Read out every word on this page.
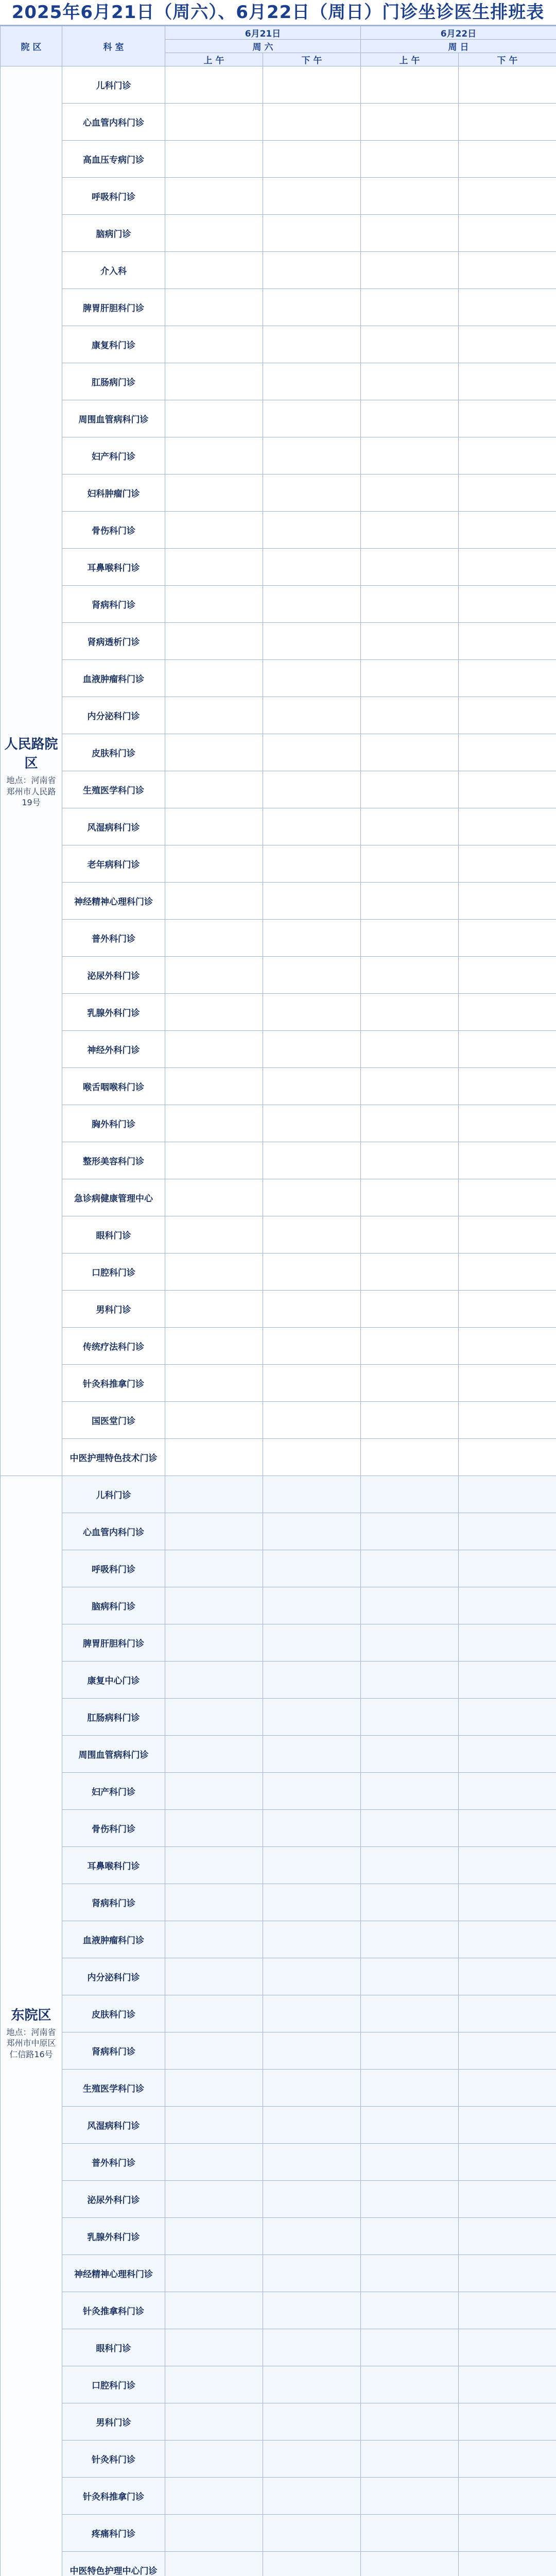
2025年6月21日（周六）、6月22日（周日）门诊坐诊医生排班表
院 区	科 室	6月21日		6月22日	
		周 六		周 日	
		上 午	下 午	上 午	下 午

人民路院区
地点：河南省郑州市人民路19号	儿科门诊				
	心血管内科门诊				
	高血压专病门诊				
	呼吸科门诊				
	脑病门诊				
	介入科				
	脾胃肝胆科门诊				
	康复科门诊				
	肛肠病门诊				
	周围血管病科门诊				
	妇产科门诊				
	妇科肿瘤门诊				
	骨伤科门诊				
	耳鼻喉科门诊				
	肾病科门诊				
	肾病透析门诊				
	血液肿瘤科门诊				
	内分泌科门诊				
	皮肤科门诊				
	生殖医学科门诊				
	风湿病科门诊				
	老年病科门诊				
	神经精神心理科门诊				
	普外科门诊				
	泌尿外科门诊				
	乳腺外科门诊				
	神经外科门诊				
	喉舌咽喉科门诊				
	胸外科门诊				
	整形美容科门诊				
	急诊病健康管理中心				
	眼科门诊				
	口腔科门诊				
	男科门诊				
	传统疗法科门诊				
	针灸科推拿门诊				
	国医堂门诊				
	中医护理特色技术门诊				

东院区
地点：河南省郑州市中原区仁信路16号	儿科门诊				
	心血管内科门诊				
	呼吸科门诊				
	脑病科门诊				
	脾胃肝胆科门诊				
	康复中心门诊				
	肛肠病科门诊				
	周围血管病科门诊				
	妇产科门诊				
	骨伤科门诊				
	耳鼻喉科门诊				
	肾病科门诊				
	血液肿瘤科门诊				
	内分泌科门诊				
	皮肤科门诊				
	肾病科门诊				
	生殖医学科门诊				
	风湿病科门诊				
	普外科门诊				
	泌尿外科门诊				
	乳腺外科门诊				
	神经精神心理科门诊				
	针灸推拿科门诊				
	眼科门诊				
	口腔科门诊				
	男科门诊				
	针灸科门诊				
	针灸科推拿门诊				
	疼痛科门诊				
	中医特色护理中心门诊				
